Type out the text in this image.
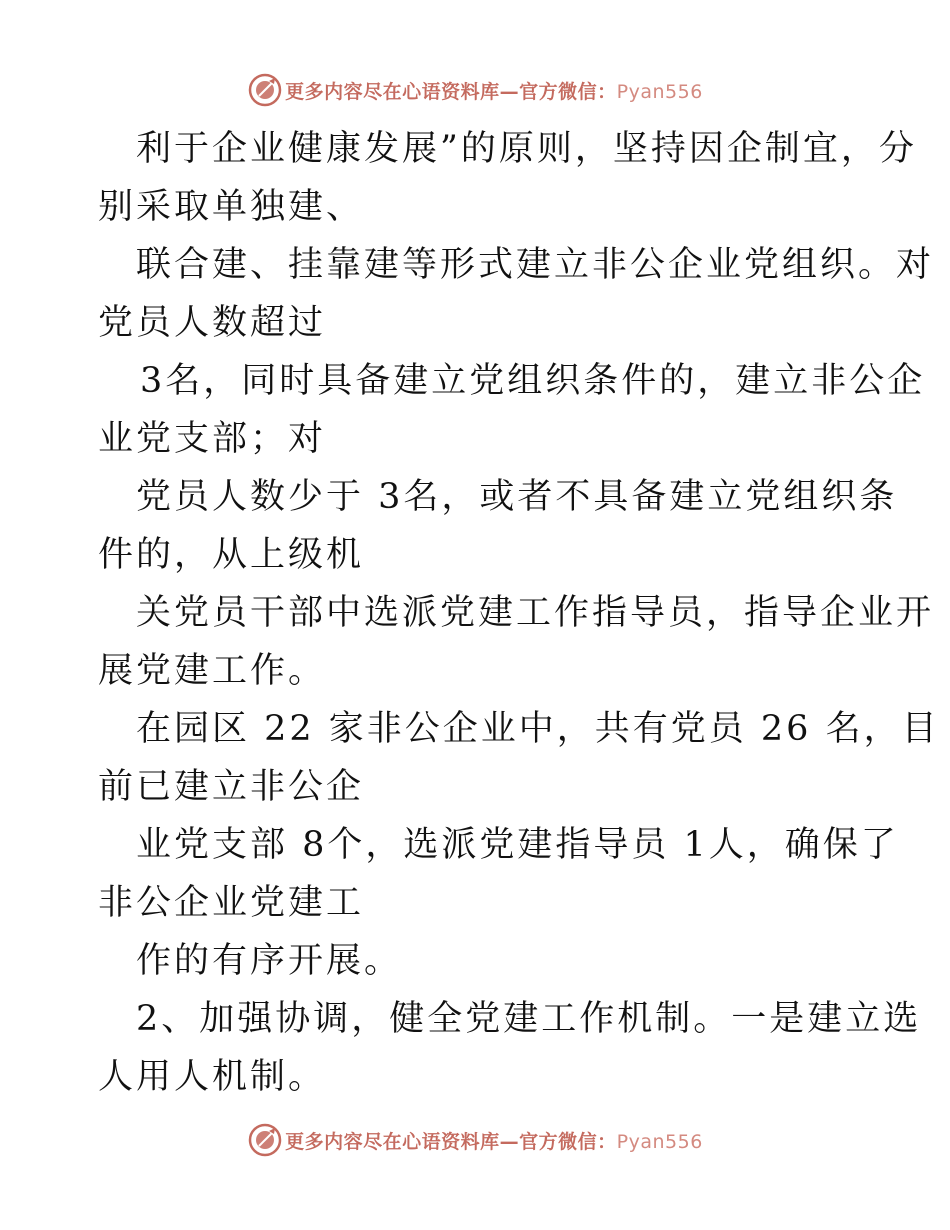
更多内容尽在心语资料库—官方微信：Pyan556
利于企业健康发展”的原则，坚持因企制宜，分
别采取单独建、
联合建、挂靠建等形式建立非公企业党组织。对
党员人数超过
3名，同时具备建立党组织条件的，建立非公企
业党支部；对
党员人数少于 3名，或者不具备建立党组织条
件的，从上级机
关党员干部中选派党建工作指导员，指导企业开
展党建工作。
在园区 22 家非公企业中，共有党员 26 名，目
前已建立非公企
业党支部 8个，选派党建指导员 1人，确保了
非公企业党建工
作的有序开展。
2、加强协调，健全党建工作机制。一是建立选
人用人机制。
更多内容尽在心语资料库—官方微信：Pyan556
